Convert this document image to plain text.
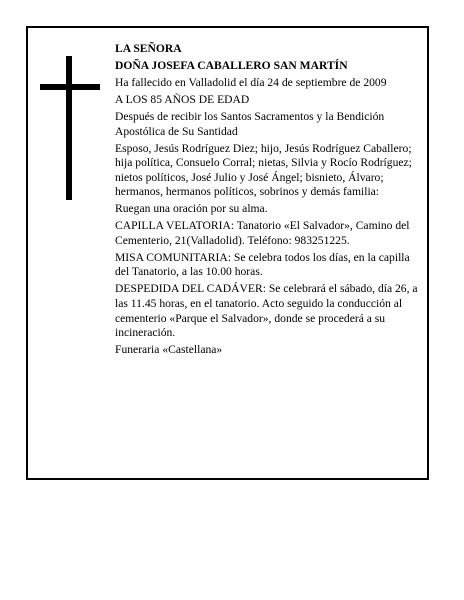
LA SEÑORA

DOÑA JOSEFA CABALLERO SAN MARTÍN

Ha fallecido en Valladolid el día 24 de septiembre de 2009

A LOS 85 AÑOS DE EDAD

Después de recibir los Santos Sacramentos y la Bendición Apostólica de Su Santidad

Esposo, Jesús Rodríguez Diez; hijo, Jesús Rodríguez Caballero; hija política, Consuelo Corral; nietas, Silvia y Rocío Rodríguez; nietos políticos, José Julio y José Ángel; bisnieto, Álvaro; hermanos, hermanos políticos, sobrinos y demás familia:

Ruegan una oración por su alma.

CAPILLA VELATORIA: Tanatorio «El Salvador», Camino del Cementerio, 21(Valladolid). Teléfono: 983251225.

MISA COMUNITARIA: Se celebra todos los días, en la capilla del Tanatorio, a las 10.00 horas.

DESPEDIDA DEL CADÁVER: Se celebrará el sábado, día 26, a las 11.45 horas, en el tanatorio. Acto seguido la conducción al cementerio «Parque el Salvador», donde se procederá a su incineración.

Funeraria «Castellana»
